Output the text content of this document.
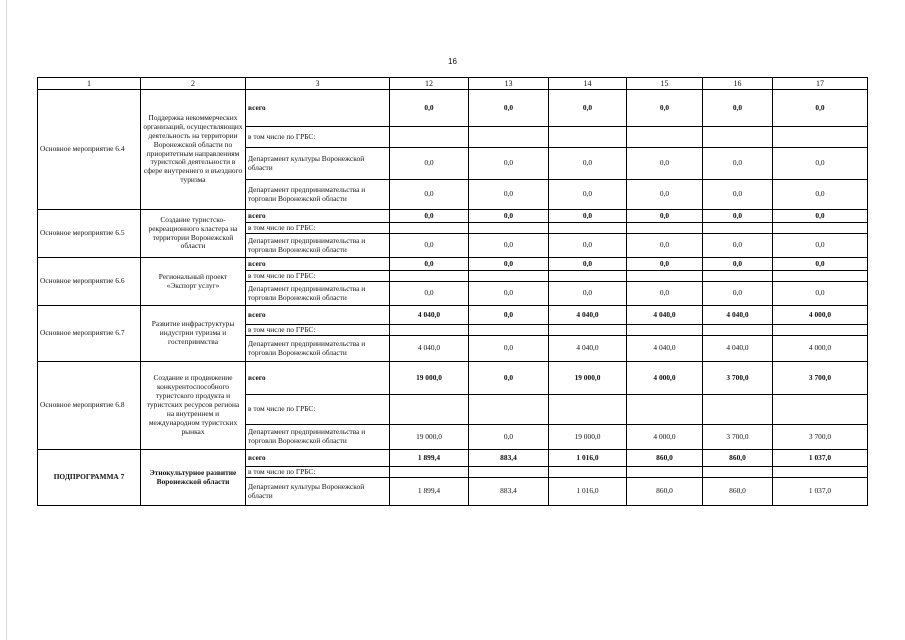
16
1	2	3	12	13	14	15	16	17
Основное мероприятие 6.4	Поддержка некоммерческих организаций, осуществляющих деятельность на территории Воронежской области по приоритетным направлениям туристской деятельности в сфере внутреннего и въездного туризма	всего	0,0	0,0	0,0	0,0	0,0	0,0
		в том числе по ГРБС:						
		Департамент культуры Воронежской области	0,0	0,0	0,0	0,0	0,0	0,0
		Департамент предпринимательства и торговли Воронежской области	0,0	0,0	0,0	0,0	0,0	0,0
Основное мероприятие 6.5	Создание туристско-рекреационного кластера на территории Воронежской области	всего	0,0	0,0	0,0	0,0	0,0	0,0
		в том числе по ГРБС:						
		Департамент предпринимательства и торговли Воронежской области	0,0	0,0	0,0	0,0	0,0	0,0
Основное мероприятие 6.6	Региональный проект «Экспорт услуг»	всего	0,0	0,0	0,0	0,0	0,0	0,0
		в том числе по ГРБС:						
		Департамент предпринимательства и торговли Воронежской области	0,0	0,0	0,0	0,0	0,0	0,0
Основное мероприятие 6.7	Развитие инфраструктуры индустрии туризма и гостеприимства	всего	4 040,0	0,0	4 040,0	4 040,0	4 040,0	4 000,0
		в том числе по ГРБС:						
		Департамент предпринимательства и торговли Воронежской области	4 040,0	0,0	4 040,0	4 040,0	4 040,0	4 000,0
Основное мероприятие 6.8	Создание и продвижение конкурентоспособного туристского продукта и туристских ресурсов региона на внутреннем и международном туристских рынках	всего	19 000,0	0,0	19 000,0	4 000,0	3 700,0	3 700,0
		в том числе по ГРБС:						
		Департамент предпринимательства и торговли Воронежской области	19 000,0	0,0	19 000,0	4 000,0	3 700,0	3 700,0
ПОДПРОГРАММА 7	Этнокультурное развитие Воронежской области	всего	1 899,4	883,4	1 016,0	860,0	860,0	1 037,0
		в том числе по ГРБС:						
		Департамент культуры Воронежской области	1 899,4	883,4	1 016,0	860,0	860,0	1 037,0
